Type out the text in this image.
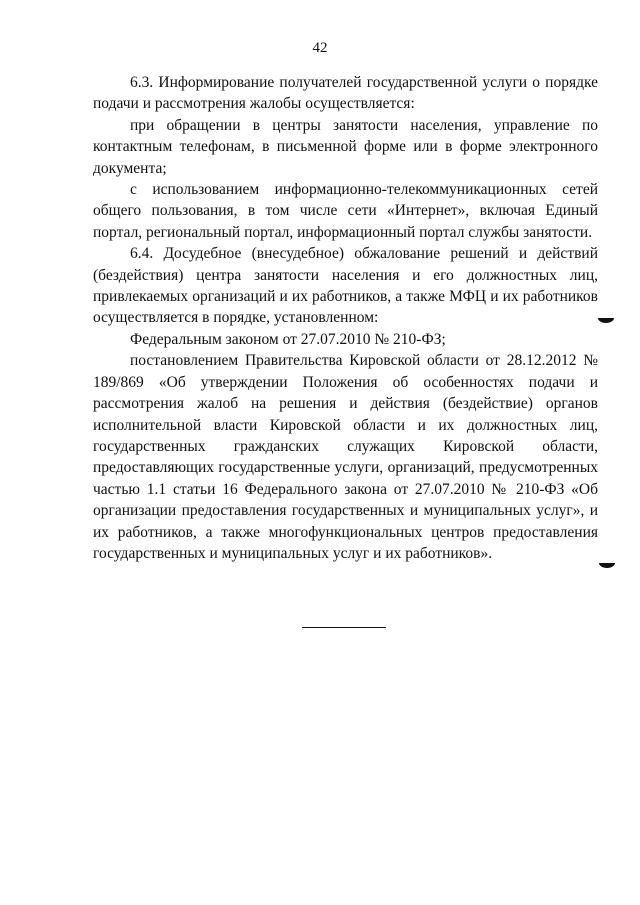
42

6.3. Информирование получателей государственной услуги о порядке подачи и рассмотрения жалобы осуществляется:

при обращении в центры занятости населения, управление по контактным телефонам, в письменной форме или в форме электронного документа;

с использованием информационно-телекоммуникационных сетей общего пользования, в том числе сети «Интернет», включая Единый портал, региональный портал, информационный портал службы занятости.

6.4. Досудебное (внесудебное) обжалование решений и действий (бездействия) центра занятости населения и его должностных лиц, привлекаемых организаций и их работников, а также МФЦ и их работников осуществляется в порядке, установленном:

Федеральным законом от 27.07.2010 № 210-ФЗ;

постановлением Правительства Кировской области от 28.12.2012 № 189/869 «Об утверждении Положения об особенностях подачи и рассмотрения жалоб на решения и действия (бездействие) органов исполнительной власти Кировской области и их должностных лиц, государственных гражданских служащих Кировской области, предоставляющих государственные услуги, организаций, предусмотренных частью 1.1 статьи 16 Федерального закона от 27.07.2010 № 210-ФЗ «Об организации предоставления государственных и муниципальных услуг», и их работников, а также многофункциональных центров предоставления государственных и муниципальных услуг и их работников».
